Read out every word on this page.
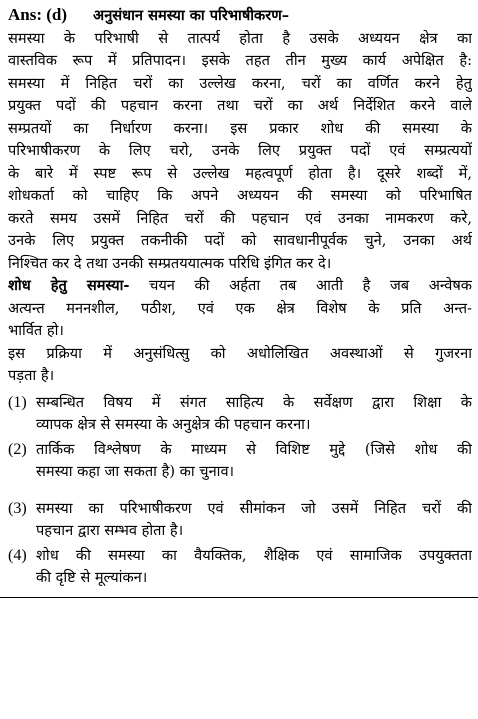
Ans: (d) अनुसंधान समस्या का परिभाषीकरण–
समस्या के परिभाषी से तात्पर्य होता है उसके अध्ययन क्षेत्र का
वास्तविक रूप में प्रतिपादन। इसके तहत तीन मुख्य कार्य अपेक्षित है:
समस्या में निहित चरों का उल्लेख करना, चरों का वर्णित करने हेतु
प्रयुक्त पदों की पहचान करना तथा चरों का अर्थ निर्देशित करने वाले
सम्प्रतयों का निर्धारण करना। इस प्रकार शोध की समस्या के
परिभाषीकरण के लिए चरो, उनके लिए प्रयुक्त पदों एवं सम्प्रत्ययों
के बारे में स्पष्ट रूप से उल्लेख महत्वपूर्ण होता है। दूसरे शब्दों में,
शोधकर्ता को चाहिए कि अपने अध्ययन की समस्या को परिभाषित
करते समय उसमें निहित चरों की पहचान एवं उनका नामकरण करे,
उनके लिए प्रयुक्त तकनीकी पदों को सावधानीपूर्वक चुने, उनका अर्थ
निश्चित कर दे तथा उनकी सम्प्रतययात्मक परिधि इंगित कर दे।
शोध हेतु समस्या- चयन की अर्हता तब आती है जब अन्वेषक
अत्यन्त मननशील, पठीश, एवं एक क्षेत्र विशेष के प्रति अन्त-
भार्वित हो।
इस प्रक्रिया में अनुसंधित्सु को अधोलिखित अवस्थाओं से गुजरना
पड़ता है।
(1) सम्बन्धित विषय में संगत साहित्य के सर्वेक्षण द्वारा शिक्षा के
व्यापक क्षेत्र से समस्या के अनुक्षेत्र की पहचान करना।
(2) तार्किक विश्लेषण के माध्यम से विशिष्ट मुद्दे (जिसे शोध की
समस्या कहा जा सकता है) का चुनाव।
(3) समस्या का परिभाषीकरण एवं सीमांकन जो उसमें निहित चरों की
पहचान द्वारा सम्भव होता है।
(4) शोध की समस्या का वैयक्तिक, शैक्षिक एवं सामाजिक उपयुक्तता
की दृष्टि से मूल्यांकन।
